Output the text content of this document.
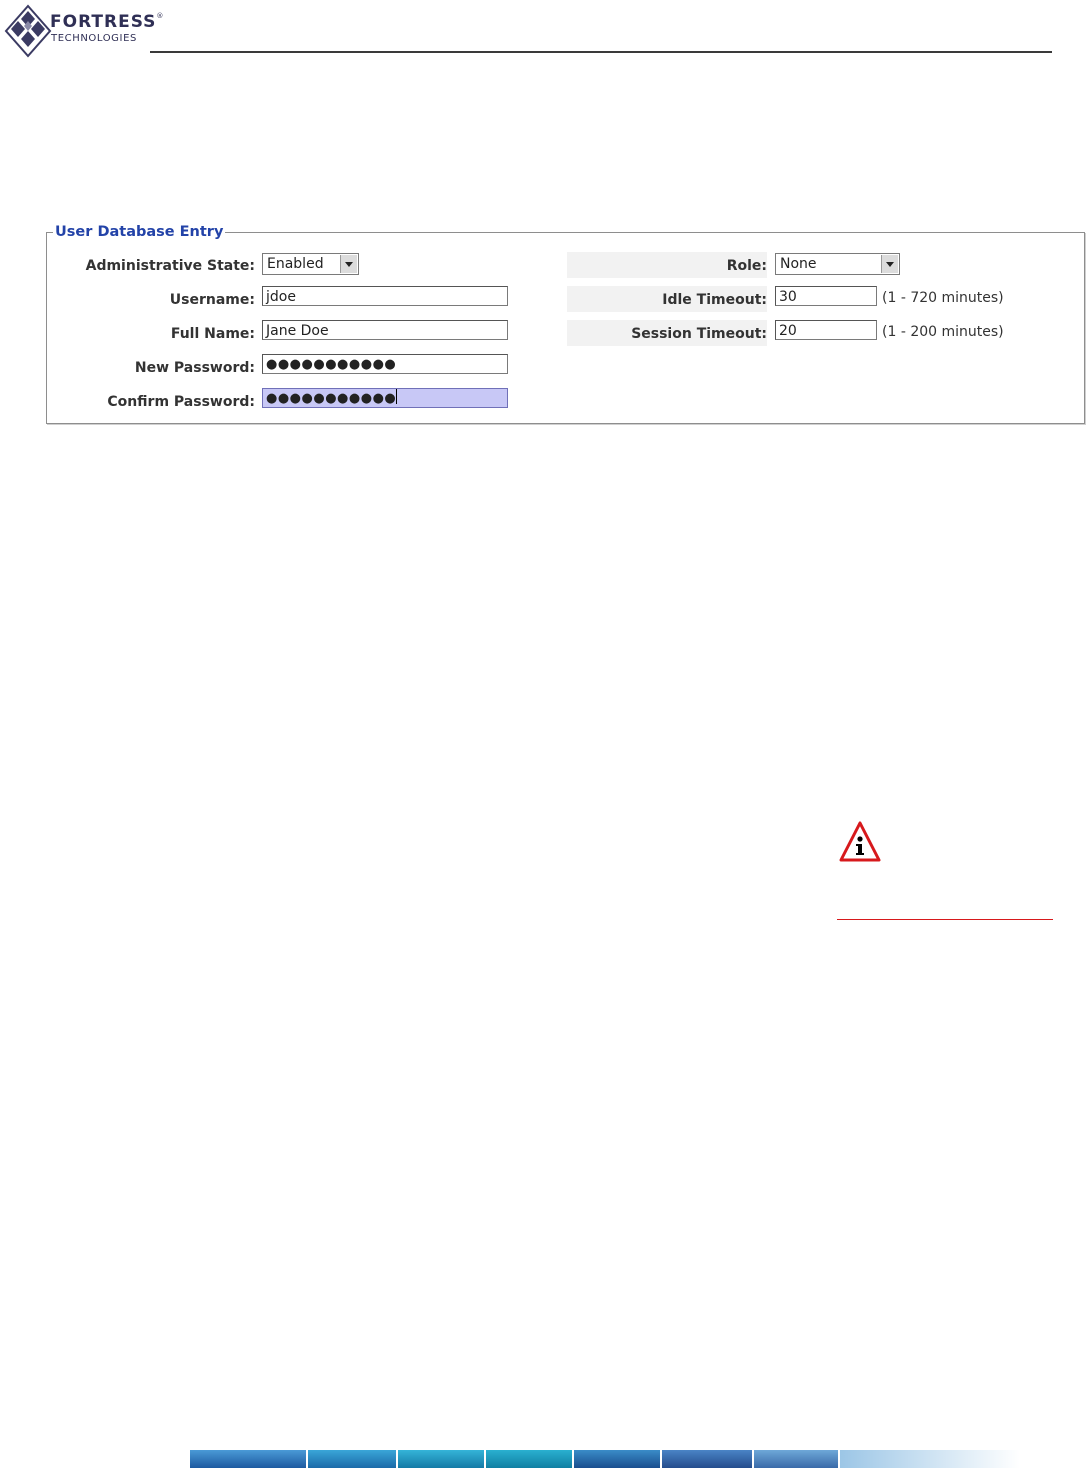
FORTRESS®
TECHNOLOGIES
User Database Entry
Administrative State: Enabled
Username: jdoe
Full Name: Jane Doe
New Password: ●●●●●●●●●●●
Confirm Password: ●●●●●●●●●●●
Role: None
Idle Timeout: 30	(1 - 720 minutes)
Session Timeout: 20	(1 - 200 minutes)
